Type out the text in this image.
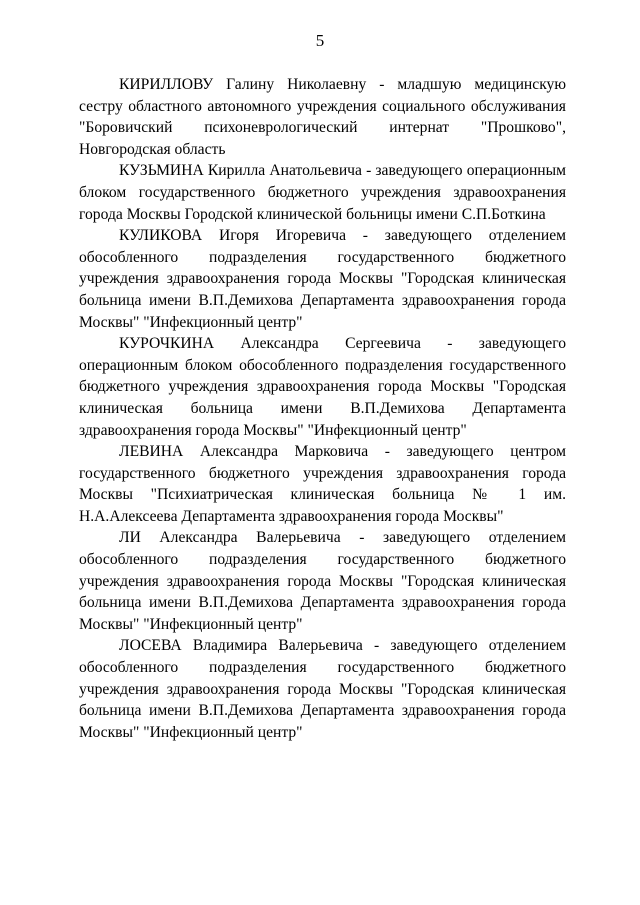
5

КИРИЛЛОВУ Галину Николаевну - младшую медицинскую сестру областного автономного учреждения социального обслуживания "Боровичский психоневрологический интернат "Прошково", Новгородская область

КУЗЬМИНА Кирилла Анатольевича - заведующего операционным блоком государственного бюджетного учреждения здравоохранения города Москвы Городской клинической больницы имени С.П.Боткина

КУЛИКОВА Игоря Игоревича - заведующего отделением обособленного подразделения государственного бюджетного учреждения здравоохранения города Москвы "Городская клиническая больница имени В.П.Демихова Департамента здравоохранения города Москвы" "Инфекционный центр"

КУРОЧКИНА Александра Сергеевича - заведующего операционным блоком обособленного подразделения государственного бюджетного учреждения здравоохранения города Москвы "Городская клиническая больница имени В.П.Демихова Департамента здравоохранения города Москвы" "Инфекционный центр"

ЛЕВИНА Александра Марковича - заведующего центром государственного бюджетного учреждения здравоохранения города Москвы "Психиатрическая клиническая больница № 1 им. Н.А.Алексеева Департамента здравоохранения города Москвы"

ЛИ Александра Валерьевича - заведующего отделением обособленного подразделения государственного бюджетного учреждения здравоохранения города Москвы "Городская клиническая больница имени В.П.Демихова Департамента здравоохранения города Москвы" "Инфекционный центр"

ЛОСЕВА Владимира Валерьевича - заведующего отделением обособленного подразделения государственного бюджетного учреждения здравоохранения города Москвы "Городская клиническая больница имени В.П.Демихова Департамента здравоохранения города Москвы" "Инфекционный центр"
